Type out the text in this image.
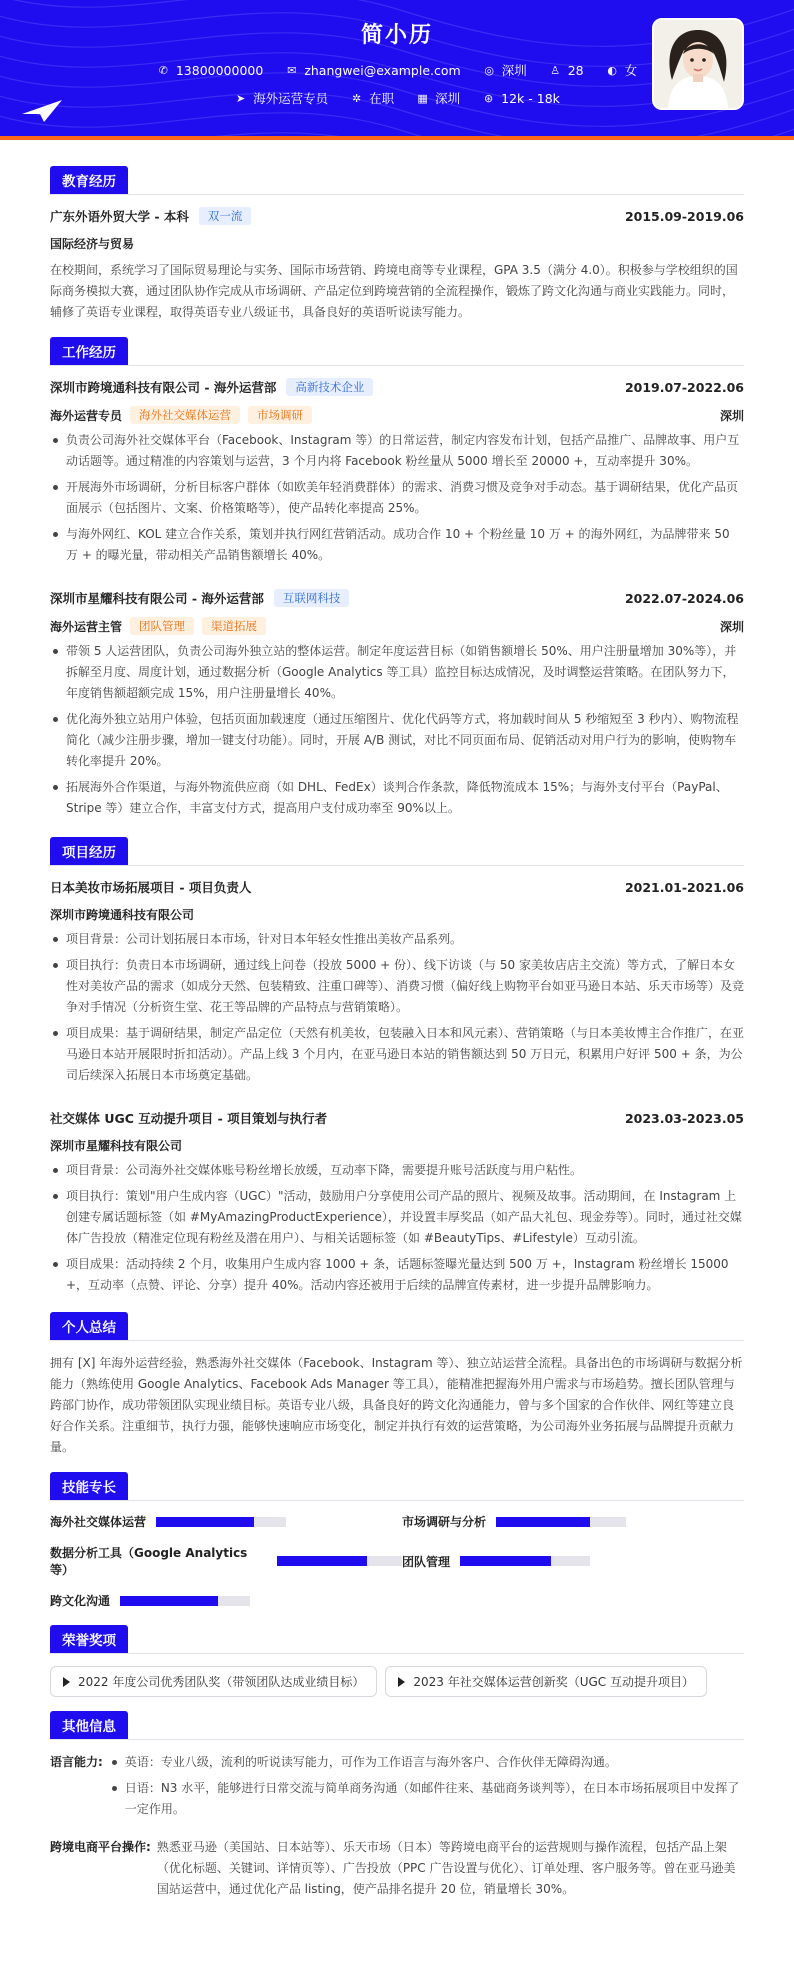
简小历
✆ 13800000000 ✉ zhangwei@example.com ◎ 深圳 ♙ 28 ◐ 女
➤ 海外运营专员 ✲ 在职 ▦ 深圳 ⊛ 12k - 18k
教育经历
广东外语外贸大学 - 本科	双一流	2015.09-2019.06
国际经济与贸易
在校期间，系统学习了国际贸易理论与实务、国际市场营销、跨境电商等专业课程，GPA 3.5（满分 4.0）。积极参与学校组织的国际商务模拟大赛，通过团队协作完成从市场调研、产品定位到跨境营销的全流程操作，锻炼了跨文化沟通与商业实践能力。同时，辅修了英语专业课程，取得英语专业八级证书，具备良好的英语听说读写能力。
工作经历
深圳市跨境通科技有限公司 - 海外运营部	高新技术企业	2019.07-2022.06
海外运营专员	海外社交媒体运营	市场调研	深圳
负责公司海外社交媒体平台（Facebook、Instagram 等）的日常运营，制定内容发布计划，包括产品推广、品牌故事、用户互动话题等。通过精准的内容策划与运营，3 个月内将 Facebook 粉丝量从 5000 增长至 20000 +，互动率提升 30%。
开展海外市场调研，分析目标客户群体（如欧美年轻消费群体）的需求、消费习惯及竞争对手动态。基于调研结果，优化产品页面展示（包括图片、文案、价格策略等），使产品转化率提高 25%。
与海外网红、KOL 建立合作关系，策划并执行网红营销活动。成功合作 10 + 个粉丝量 10 万 + 的海外网红，为品牌带来 50 万 + 的曝光量，带动相关产品销售额增长 40%。
深圳市星耀科技有限公司 - 海外运营部	互联网科技	2022.07-2024.06
海外运营主管	团队管理	渠道拓展	深圳
带领 5 人运营团队，负责公司海外独立站的整体运营。制定年度运营目标（如销售额增长 50%、用户注册量增加 30%等），并拆解至月度、周度计划，通过数据分析（Google Analytics 等工具）监控目标达成情况，及时调整运营策略。在团队努力下，年度销售额超额完成 15%，用户注册量增长 40%。
优化海外独立站用户体验，包括页面加载速度（通过压缩图片、优化代码等方式，将加载时间从 5 秒缩短至 3 秒内）、购物流程简化（减少注册步骤，增加一键支付功能）。同时，开展 A/B 测试，对比不同页面布局、促销活动对用户行为的影响，使购物车转化率提升 20%。
拓展海外合作渠道，与海外物流供应商（如 DHL、FedEx）谈判合作条款，降低物流成本 15%；与海外支付平台（PayPal、Stripe 等）建立合作，丰富支付方式，提高用户支付成功率至 90%以上。
项目经历
日本美妆市场拓展项目 - 项目负责人	2021.01-2021.06
深圳市跨境通科技有限公司
项目背景：公司计划拓展日本市场，针对日本年轻女性推出美妆产品系列。
项目执行：负责日本市场调研，通过线上问卷（投放 5000 + 份）、线下访谈（与 50 家美妆店店主交流）等方式，了解日本女性对美妆产品的需求（如成分天然、包装精致、注重口碑等）、消费习惯（偏好线上购物平台如亚马逊日本站、乐天市场等）及竞争对手情况（分析资生堂、花王等品牌的产品特点与营销策略）。
项目成果：基于调研结果，制定产品定位（天然有机美妆，包装融入日本和风元素）、营销策略（与日本美妆博主合作推广，在亚马逊日本站开展限时折扣活动）。产品上线 3 个月内，在亚马逊日本站的销售额达到 50 万日元，积累用户好评 500 + 条，为公司后续深入拓展日本市场奠定基础。
社交媒体 UGC 互动提升项目 - 项目策划与执行者	2023.03-2023.05
深圳市星耀科技有限公司
项目背景：公司海外社交媒体账号粉丝增长放缓，互动率下降，需要提升账号活跃度与用户粘性。
项目执行：策划"用户生成内容（UGC）"活动，鼓励用户分享使用公司产品的照片、视频及故事。活动期间，在 Instagram 上创建专属话题标签（如 #MyAmazingProductExperience），并设置丰厚奖品（如产品大礼包、现金券等）。同时，通过社交媒体广告投放（精准定位现有粉丝及潜在用户）、与相关话题标签（如 #BeautyTips、#Lifestyle）互动引流。
项目成果：活动持续 2 个月，收集用户生成内容 1000 + 条，话题标签曝光量达到 500 万 +，Instagram 粉丝增长 15000 +，互动率（点赞、评论、分享）提升 40%。活动内容还被用于后续的品牌宣传素材，进一步提升品牌影响力。
个人总结
拥有 [X] 年海外运营经验，熟悉海外社交媒体（Facebook、Instagram 等）、独立站运营全流程。具备出色的市场调研与数据分析能力（熟练使用 Google Analytics、Facebook Ads Manager 等工具），能精准把握海外用户需求与市场趋势。擅长团队管理与跨部门协作，成功带领团队实现业绩目标。英语专业八级，具备良好的跨文化沟通能力，曾与多个国家的合作伙伴、网红等建立良好合作关系。注重细节，执行力强，能够快速响应市场变化，制定并执行有效的运营策略，为公司海外业务拓展与品牌提升贡献力量。
技能专长
海外社交媒体运营	市场调研与分析
数据分析工具（Google Analytics 等）
团队管理
跨文化沟通
荣誉奖项
2022 年度公司优秀团队奖（带领团队达成业绩目标）	2023 年社交媒体运营创新奖（UGC 互动提升项目）
其他信息
语言能力:	英语：专业八级，流利的听说读写能力，可作为工作语言与海外客户、合作伙伴无障碍沟通。
日语：N3 水平，能够进行日常交流与简单商务沟通（如邮件往来、基础商务谈判等），在日本市场拓展项目中发挥了一定作用。
跨境电商平台操作: 熟悉亚马逊（美国站、日本站等）、乐天市场（日本）等跨境电商平台的运营规则与操作流程，包括产品上架（优化标题、关键词、详情页等）、广告投放（PPC 广告设置与优化）、订单处理、客户服务等。曾在亚马逊美国站运营中，通过优化产品 listing，使产品排名提升 20 位，销量增长 30%。
